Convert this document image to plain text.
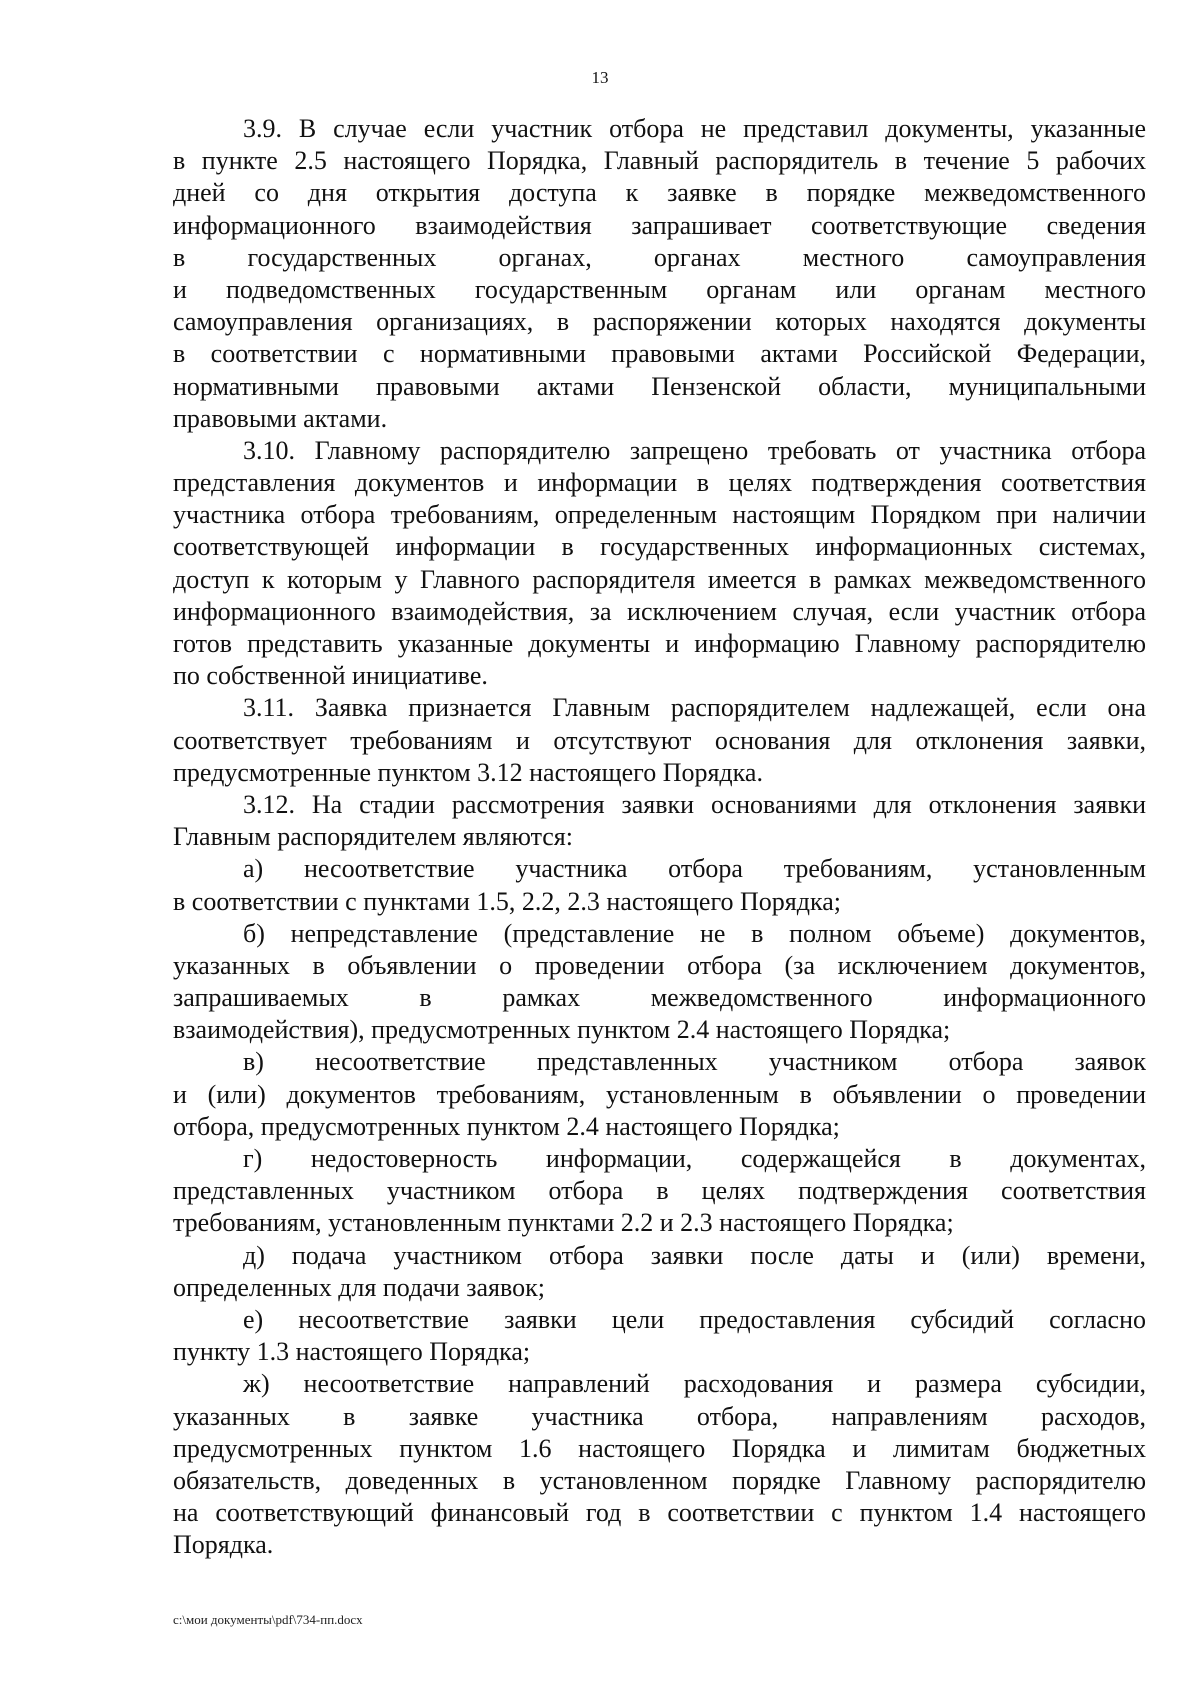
13
3.9. В случае если участник отбора не представил документы, указанные
в пункте 2.5 настоящего Порядка, Главный распорядитель в течение 5 рабочих
дней со дня открытия доступа к заявке в порядке межведомственного
информационного взаимодействия запрашивает соответствующие сведения
в государственных органах, органах местного самоуправления
и подведомственных государственным органам или органам местного
самоуправления организациях, в распоряжении которых находятся документы
в соответствии с нормативными правовыми актами Российской Федерации,
нормативными правовыми актами Пензенской области, муниципальными
правовыми актами.
3.10. Главному распорядителю запрещено требовать от участника отбора
представления документов и информации в целях подтверждения соответствия
участника отбора требованиям, определенным настоящим Порядком при наличии
соответствующей информации в государственных информационных системах,
доступ к которым у Главного распорядителя имеется в рамках межведомственного
информационного взаимодействия, за исключением случая, если участник отбора
готов представить указанные документы и информацию Главному распорядителю
по собственной инициативе.
3.11. Заявка признается Главным распорядителем надлежащей, если она
соответствует требованиям и отсутствуют основания для отклонения заявки,
предусмотренные пунктом 3.12 настоящего Порядка.
3.12. На стадии рассмотрения заявки основаниями для отклонения заявки
Главным распорядителем являются:
а) несоответствие участника отбора требованиям, установленным
в соответствии с пунктами 1.5, 2.2, 2.3 настоящего Порядка;
б) непредставление (представление не в полном объеме) документов,
указанных в объявлении о проведении отбора (за исключением документов,
запрашиваемых в рамках межведомственного информационного
взаимодействия), предусмотренных пунктом 2.4 настоящего Порядка;
в) несоответствие представленных участником отбора заявок
и (или) документов требованиям, установленным в объявлении о проведении
отбора, предусмотренных пунктом 2.4 настоящего Порядка;
г) недостоверность информации, содержащейся в документах,
представленных участником отбора в целях подтверждения соответствия
требованиям, установленным пунктами 2.2 и 2.3 настоящего Порядка;
д) подача участником отбора заявки после даты и (или) времени,
определенных для подачи заявок;
е) несоответствие заявки цели предоставления субсидий согласно
пункту 1.3 настоящего Порядка;
ж) несоответствие направлений расходования и размера субсидии,
указанных в заявке участника отбора, направлениям расходов,
предусмотренных пунктом 1.6 настоящего Порядка и лимитам бюджетных
обязательств, доведенных в установленном порядке Главному распорядителю
на соответствующий финансовый год в соответствии с пунктом 1.4 настоящего
Порядка.
c:\мои документы\pdf\734-пп.docx
